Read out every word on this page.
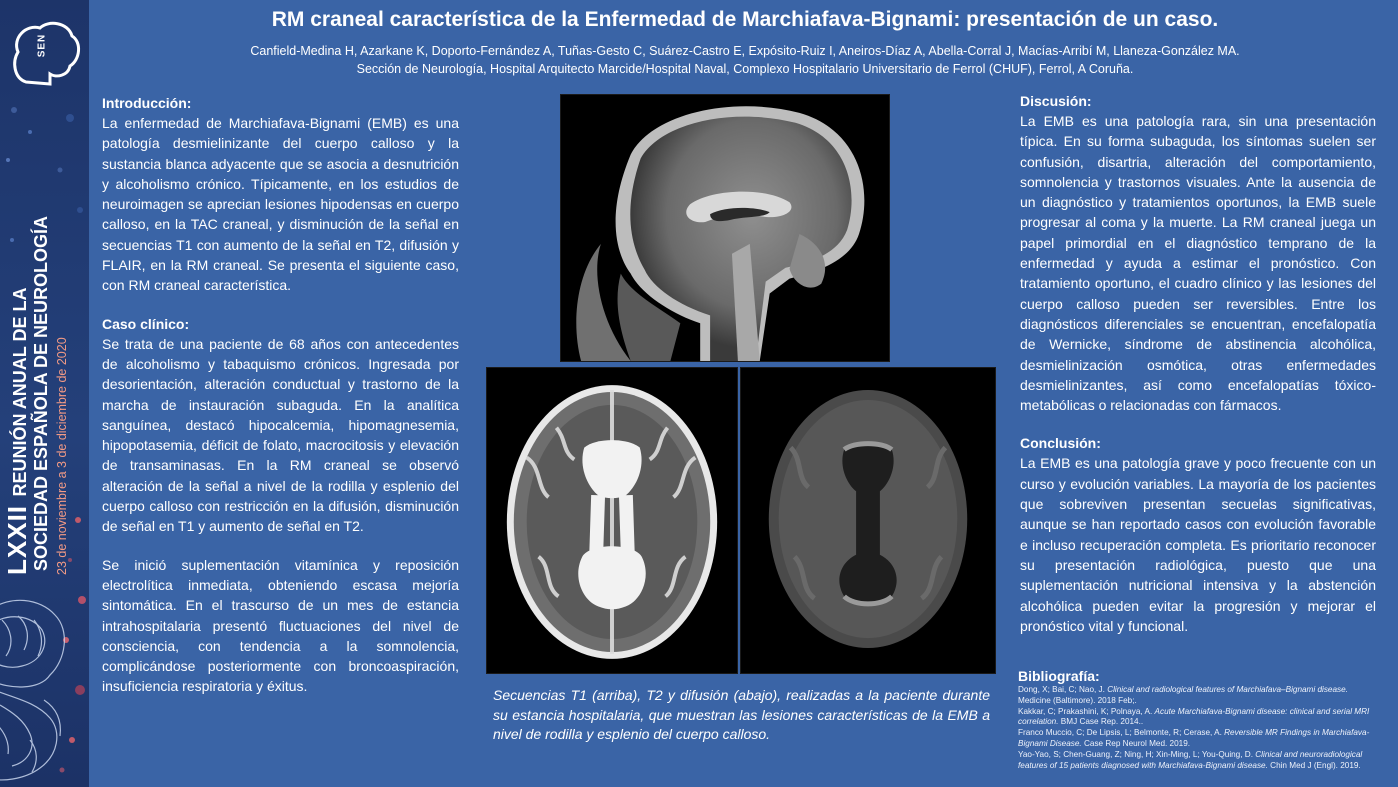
SEN
LXXII REUNIÓN ANUAL DE LA SOCIEDAD ESPAÑOLA DE NEUROLOGÍA 23 de noviembre a 3 de diciembre de 2020
RM craneal característica de la Enfermedad de Marchiafava-Bignami: presentación de un caso.
Canfield-Medina H, Azarkane K, Doporto-Fernández A, Tuñas-Gesto C, Suárez-Castro E, Expósito-Ruiz I, Aneiros-Díaz A, Abella-Corral J, Macías-Arribí M, Llaneza-González MA.
Sección de Neurología, Hospital Arquitecto Marcide/Hospital Naval, Complexo Hospitalario Universitario de Ferrol (CHUF), Ferrol, A Coruña.
Introducción:

La enfermedad de Marchiafava-Bignami (EMB) es una patología desmielinizante del cuerpo calloso y la sustancia blanca adyacente que se asocia a desnutrición y alcoholismo crónico. Típicamente, en los estudios de neuroimagen se aprecian lesiones hipodensas en cuerpo calloso, en la TAC craneal, y disminución de la señal en secuencias T1 con aumento de la señal en T2, difusión y FLAIR, en la RM craneal. Se presenta el siguiente caso, con RM craneal característica.

Caso clínico:

Se trata de una paciente de 68 años con antecedentes de alcoholismo y tabaquismo crónicos. Ingresada por desorientación, alteración conductual y trastorno de la marcha de instauración subaguda. En la analítica sanguínea, destacó hipocalcemia, hipomagnesemia, hipopotasemia, déficit de folato, macrocitosis y elevación de transaminasas. En la RM craneal se observó alteración de la señal a nivel de la rodilla y esplenio del cuerpo calloso con restricción en la difusión, disminución de señal en T1 y aumento de señal en T2.

Se inició suplementación vitamínica y reposición electrolítica inmediata, obteniendo escasa mejoría sintomática. En el trascurso de un mes de estancia intrahospitalaria presentó fluctuaciones del nivel de consciencia, con tendencia a la somnolencia, complicándose posteriormente con broncoaspiración, insuficiencia respiratoria y éxitus.

Secuencias T1 (arriba), T2 y difusión (abajo), realizadas a la paciente durante su estancia hospitalaria, que muestran las lesiones características de la EMB a nivel de rodilla y esplenio del cuerpo calloso.
Discusión:

La EMB es una patología rara, sin una presentación típica. En su forma subaguda, los síntomas suelen ser confusión, disartria, alteración del comportamiento, somnolencia y trastornos visuales. Ante la ausencia de un diagnóstico y tratamientos oportunos, la EMB suele progresar al coma y la muerte. La RM craneal juega un papel primordial en el diagnóstico temprano de la enfermedad y ayuda a estimar el pronóstico. Con tratamiento oportuno, el cuadro clínico y las lesiones del cuerpo calloso pueden ser reversibles. Entre los diagnósticos diferenciales se encuentran, encefalopatía de Wernicke, síndrome de abstinencia alcohólica, desmielinización osmótica, otras enfermedades desmielinizantes, así como encefalopatías tóxico-metabólicas o relacionadas con fármacos.

Conclusión:

La EMB es una patología grave y poco frecuente con un curso y evolución variables. La mayoría de los pacientes que sobreviven presentan secuelas significativas, aunque se han reportado casos con evolución favorable e incluso recuperación completa. Es prioritario reconocer su presentación radiológica, puesto que una suplementación nutricional intensiva y la abstención alcohólica pueden evitar la progresión y mejorar el pronóstico vital y funcional.

Bibliografía:
Dong, X; Bai, C; Nao, J. Clinical and radiological features of Marchiafava–Bignami disease. Medicine (Baltimore). 2018 Feb;.
Kakkar, C; Prakashini, K; Polnaya, A. Acute Marchiafava-Bignami disease: clinical and serial MRI correlation. BMJ Case Rep. 2014..
Franco Muccio, C; De Lipsis, L; Belmonte, R; Cerase, A. Reversible MR Findings in Marchiafava-Bignami Disease. Case Rep Neurol Med. 2019.
Yao-Yao, S; Chen-Guang, Z; Ning, H; Xin-Ming, L; You-Quing, D. Clinical and neuroradiological features of 15 patients diagnosed with Marchiafava-Bignami disease. Chin Med J (Engl). 2019.
